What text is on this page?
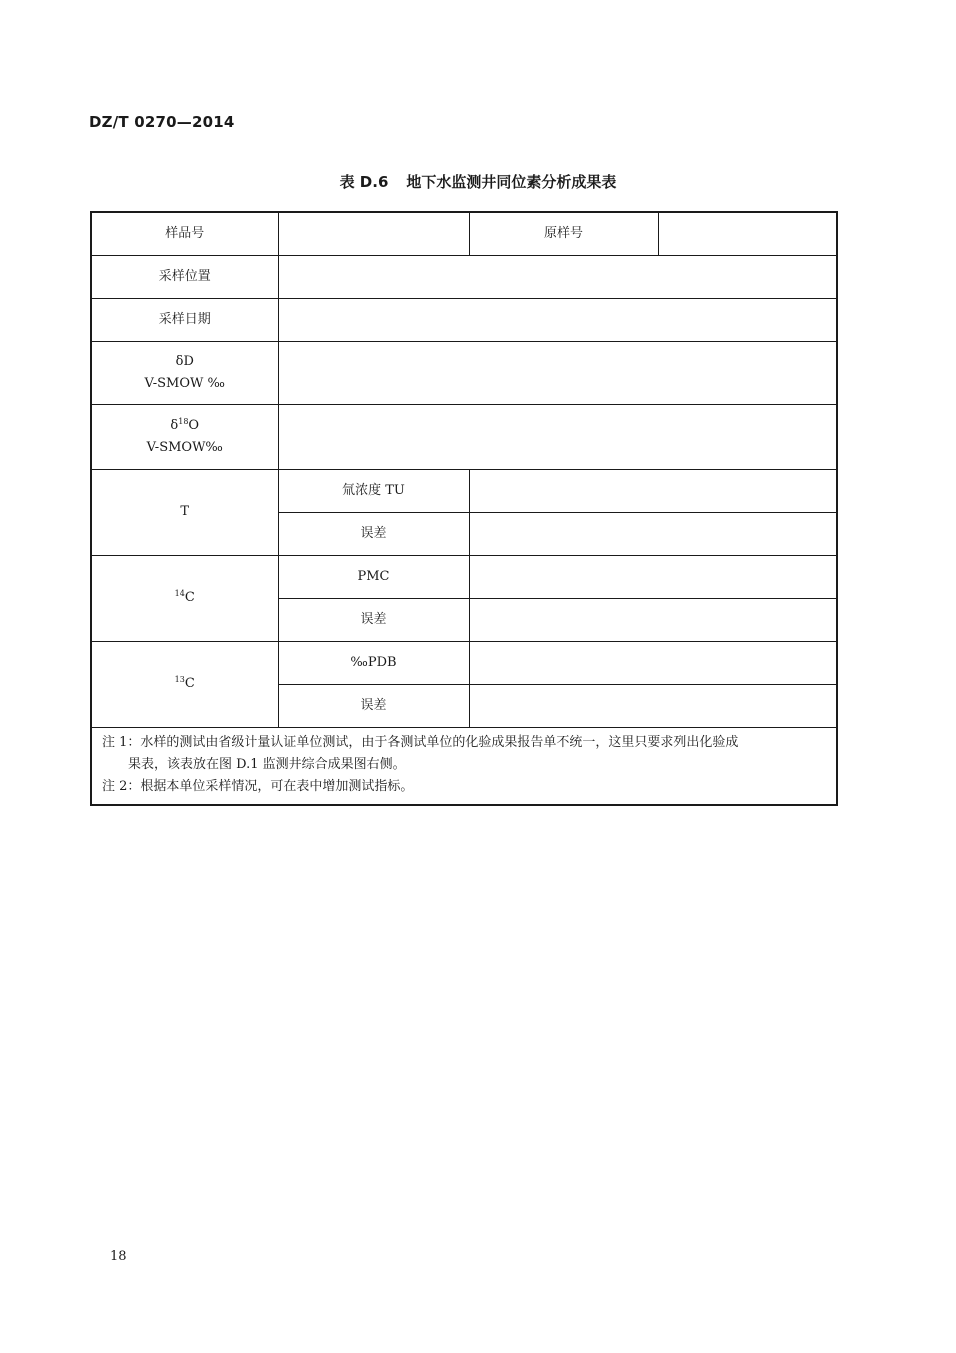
DZ/T 0270—2014
表 D.6 地下水监测井同位素分析成果表
样品号		原样号	
采样位置			
采样日期			

δD
V-SMOW ‰			

$\delta^{18}O$
V-SMOW‰			

T	氚浓度 TU		
	误差		
$^{14}$C	PMC		
	误差		
$^{13}$C	‰PDB		
	误差		

注 1：水样的测试由省级计量认证单位测试，由于各测试单位的化验成果报告单不统一，这里只要求列出化验成

果表，该表放在图 D.1 监测井综合成果图右侧。

注 2：根据本单位采样情况，可在表中增加测试指标。			

18
